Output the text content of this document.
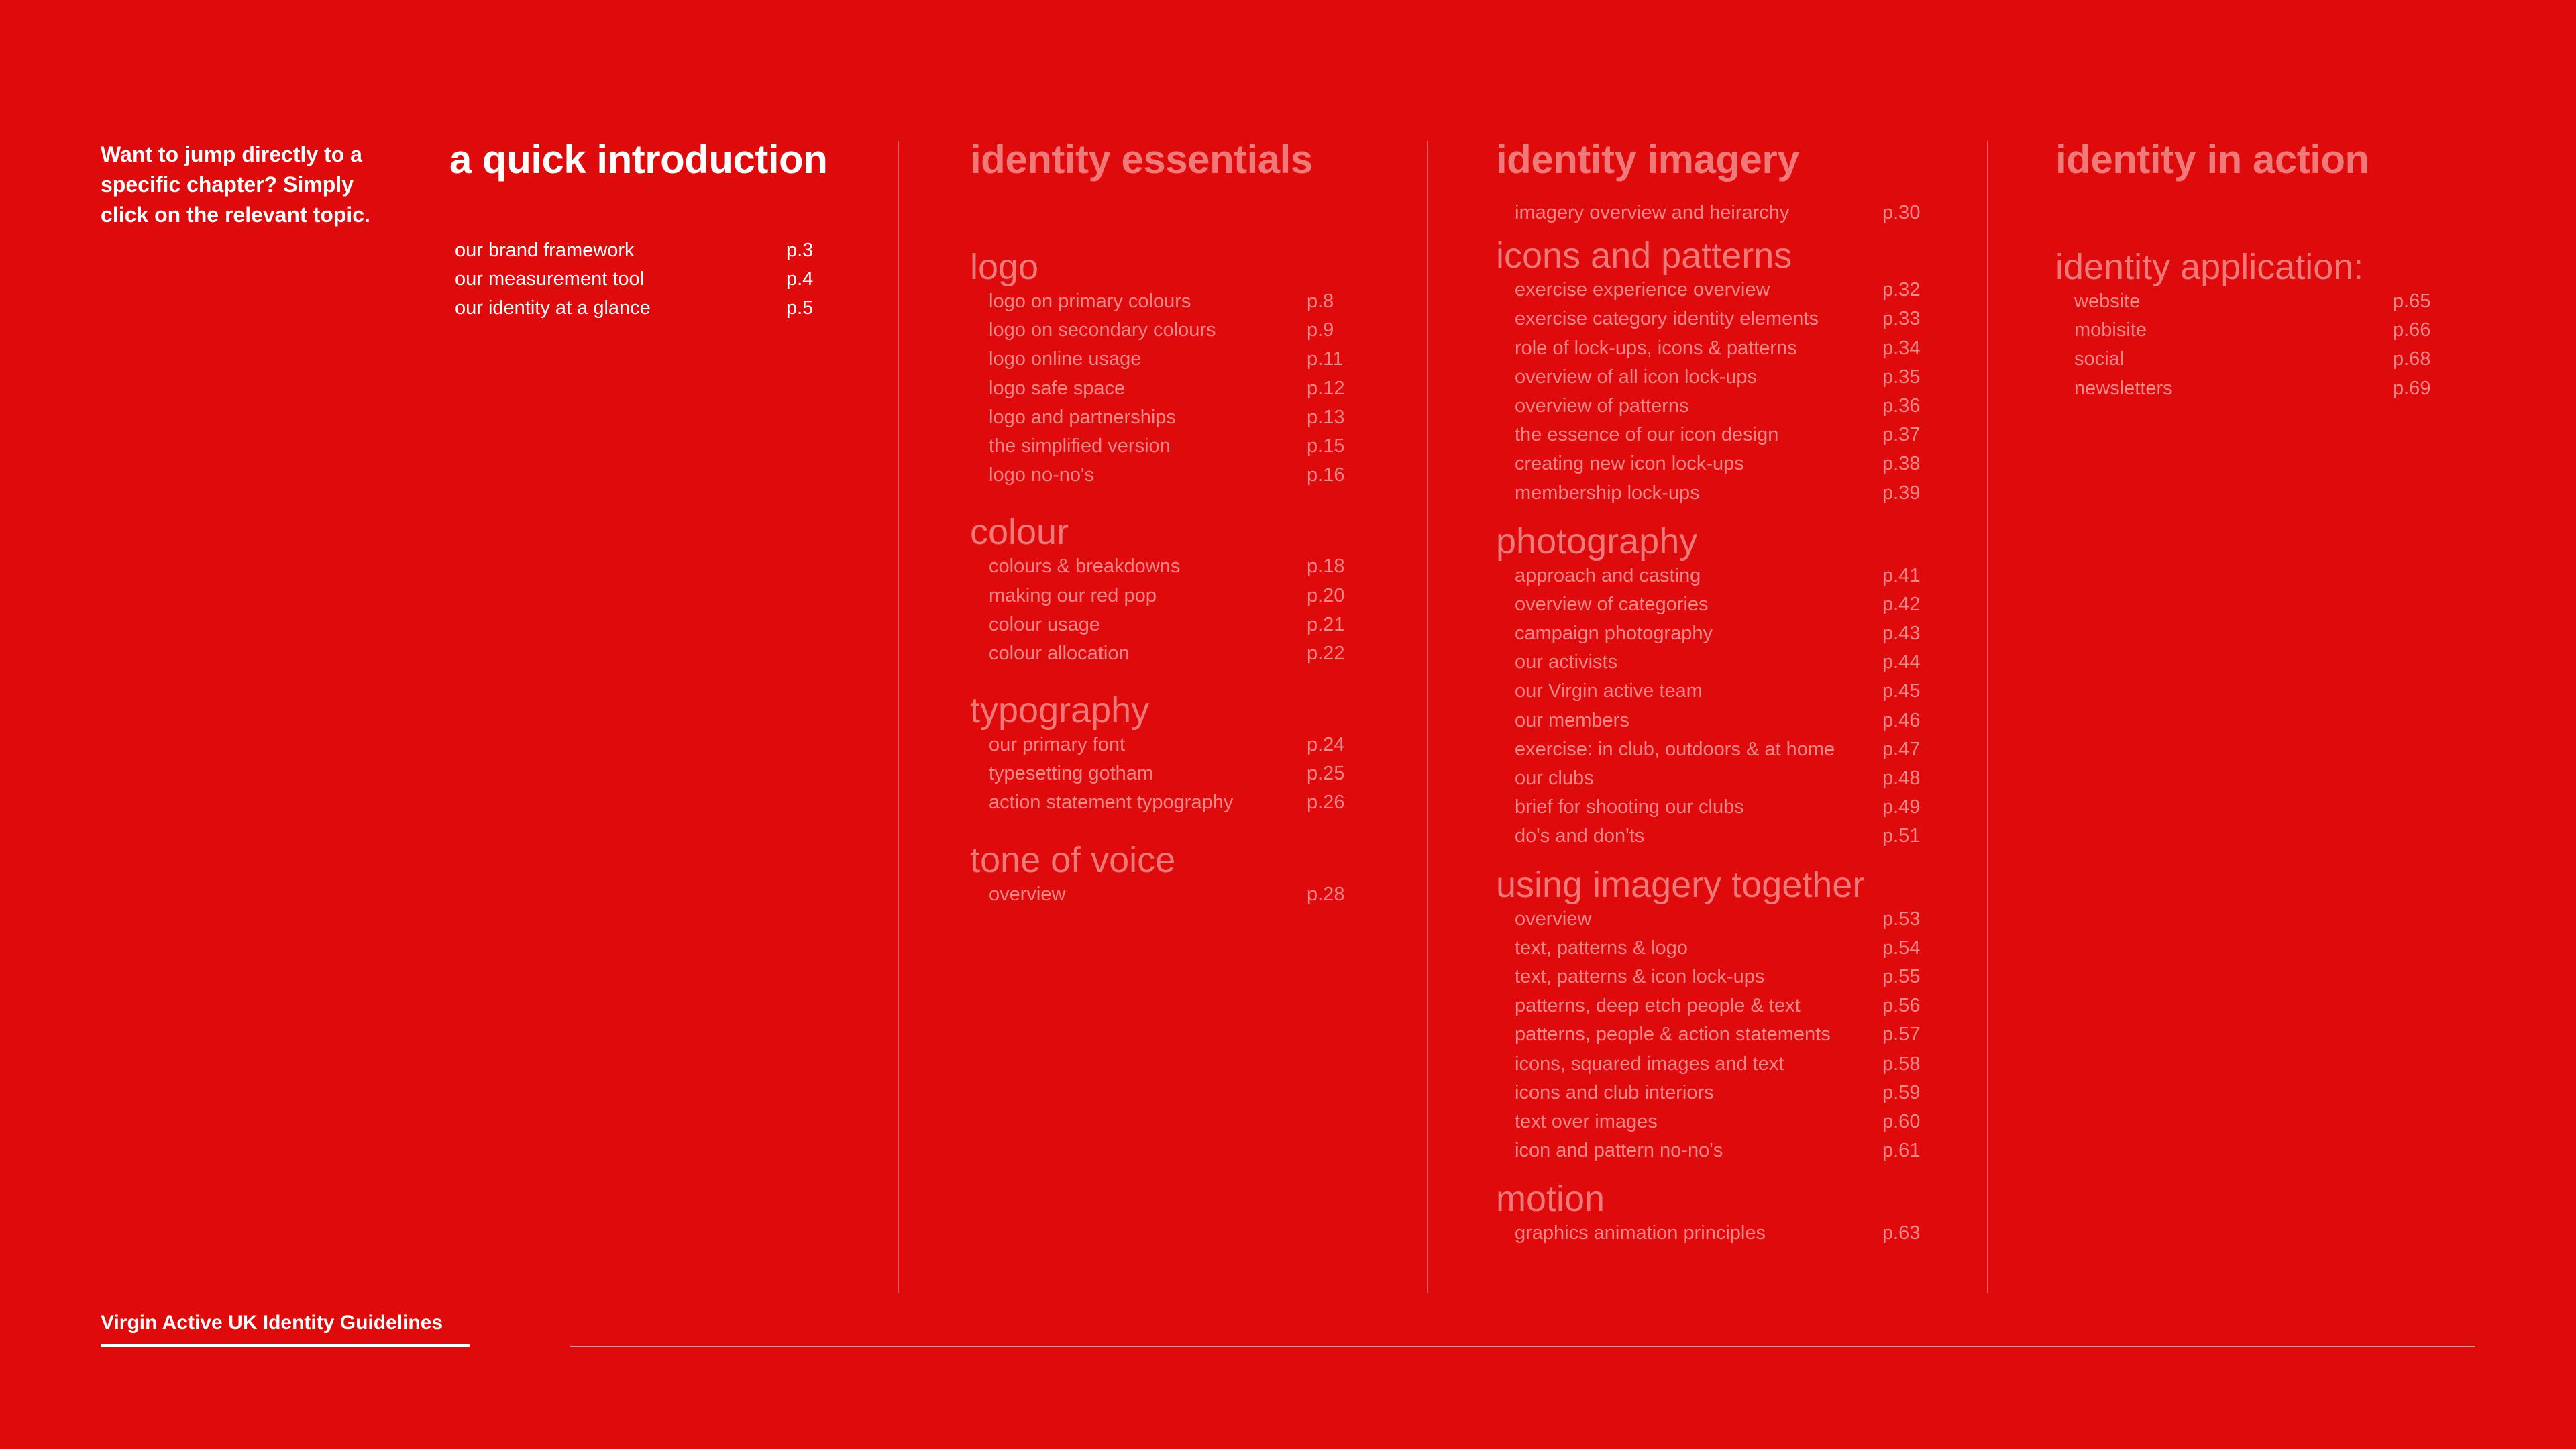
Want to jump directly to a specific chapter? Simply click on the relevant topic.
a quick introduction
our brand framework	p.3
our measurement tool	p.4
our identity at a glance	p.5
identity essentials
logo
logo on primary colours	p.8
logo on secondary colours	p.9
logo online usage	p.11
logo safe space	p.12
logo and partnerships	p.13
the simplified version	p.15
logo no-no's	p.16
colour
colours & breakdowns	p.18
making our red pop	p.20
colour usage	p.21
colour allocation	p.22
typography
our primary font	p.24
typesetting gotham	p.25
action statement typography	p.26
tone of voice
overview	p.28
identity imagery
imagery overview and heirarchy	p.30
icons and patterns
exercise experience overview	p.32
exercise category identity elements	p.33
role of lock-ups, icons & patterns	p.34
overview of all icon lock-ups	p.35
overview of patterns	p.36
the essence of our icon design	p.37
creating new icon lock-ups	p.38
membership lock-ups	p.39
photography
approach and casting	p.41
overview of categories	p.42
campaign photography	p.43
our activists	p.44
our Virgin active team	p.45
our members	p.46
exercise: in club, outdoors & at home p.47
our clubs	p.48
brief for shooting our clubs	p.49
do's and don'ts	p.51
using imagery together
overview	p.53
text, patterns & logo	p.54
text, patterns & icon lock-ups	p.55
patterns, deep etch people & text	p.56
patterns, people & action statements	p.57
icons, squared images and text	p.58
icons and club interiors	p.59
text over images	p.60
icon and pattern no-no's	p.61
motion
graphics animation principles	p.63
identity in action
identity application:
website	p.65
mobisite	p.66
social	p.68
newsletters	p.69
Virgin Active UK Identity Guidelines
